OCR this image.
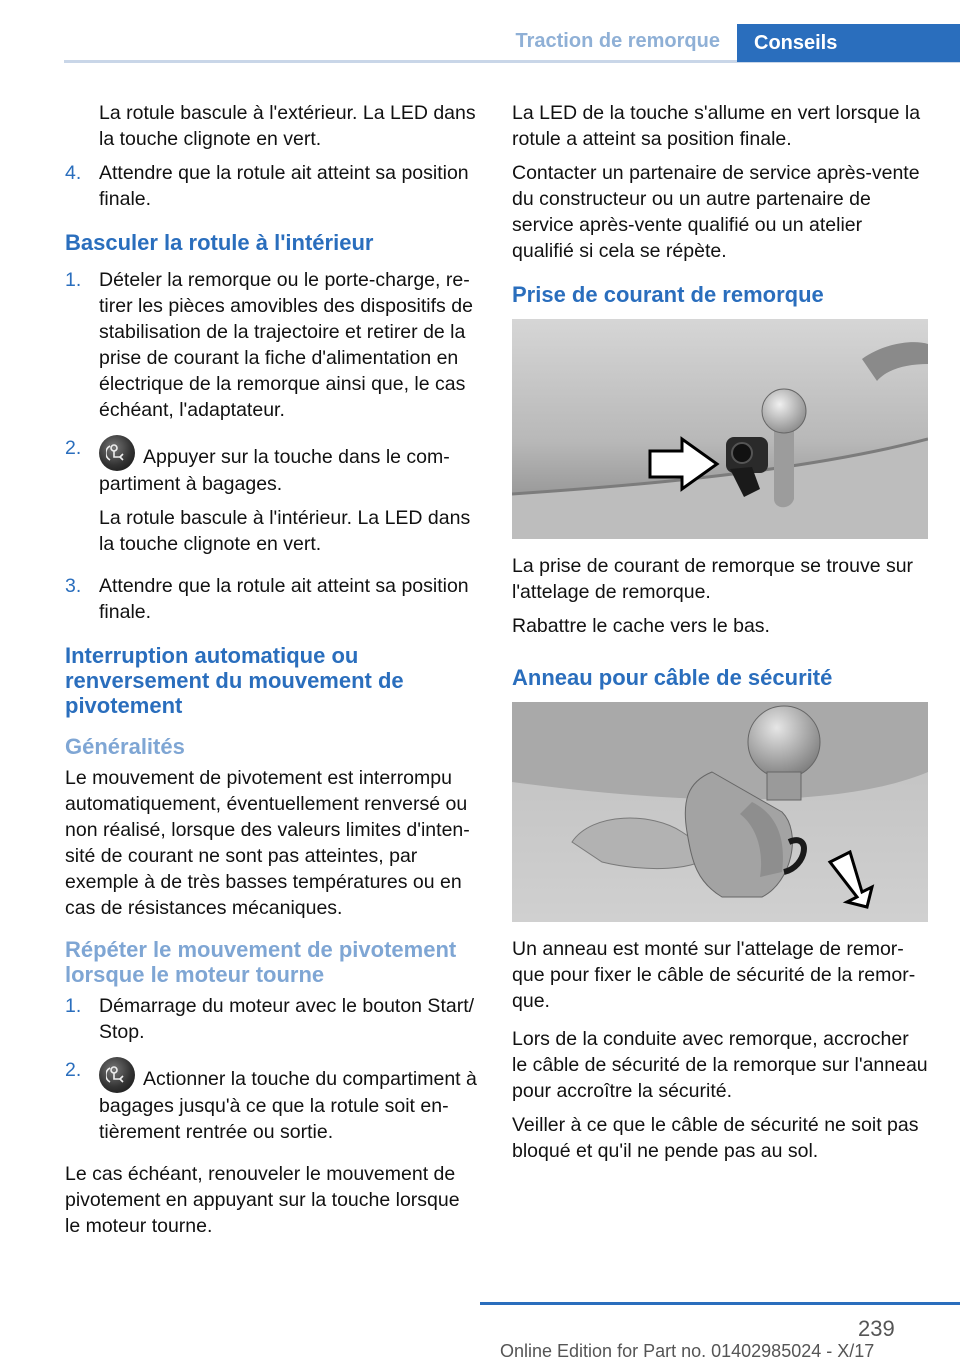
Traction de remorque	Conseils

La rotule bascule à l'extérieur. La LED dans la touche clignote en vert.

4. Attendre que la rotule ait atteint sa position finale.
Basculer la rotule à l'intérieur
1. Dételer la remorque ou le porte-charge, retirer les pièces amovibles des dispositifs de stabilisation de la trajectoire et retirer de la prise de courant la fiche d'alimentation en électrique de la remorque ainsi que, le cas échéant, l'adaptateur.
2.	Appuyer sur la touche dans le compartiment à bagages.

La rotule bascule à l'intérieur. La LED dans la touche clignote en vert.

3. Attendre que la rotule ait atteint sa position finale.
Interruption automatique ou renversement du mouvement de pivotement
Généralités

Le mouvement de pivotement est interrompu automatiquement, éventuellement renversé ou non réalisé, lorsque des valeurs limites d'intensité de courant ne sont pas atteintes, par exemple à de très basses températures ou en cas de résistances mécaniques.

Répéter le mouvement de pivotement lorsque le moteur tourne
1. Démarrage du moteur avec le bouton Start/ Stop.
2.	Actionner la touche du compartiment à bagages jusqu'à ce que la rotule soit entièrement rentrée ou sortie.

Le cas échéant, renouveler le mouvement de pivotement en appuyant sur la touche lorsque le moteur tourne.

La LED de la touche s'allume en vert lorsque la rotule a atteint sa position finale.

Contacter un partenaire de service après-vente du constructeur ou un autre partenaire de service après-vente qualifié ou un atelier qualifié si cela se répète.

Prise de courant de remorque

La prise de courant de remorque se trouve sur l'attelage de remorque.

Rabattre le cache vers le bas.

Anneau pour câble de sécurité

Un anneau est monté sur l'attelage de remorque pour fixer le câble de sécurité de la remorque.

Lors de la conduite avec remorque, accrocher le câble de sécurité de la remorque sur l'anneau pour accroître la sécurité.

Veiller à ce que le câble de sécurité ne soit pas bloqué et qu'il ne pende pas au sol.

239
Online Edition for Part no. 01402985024 - X/17
